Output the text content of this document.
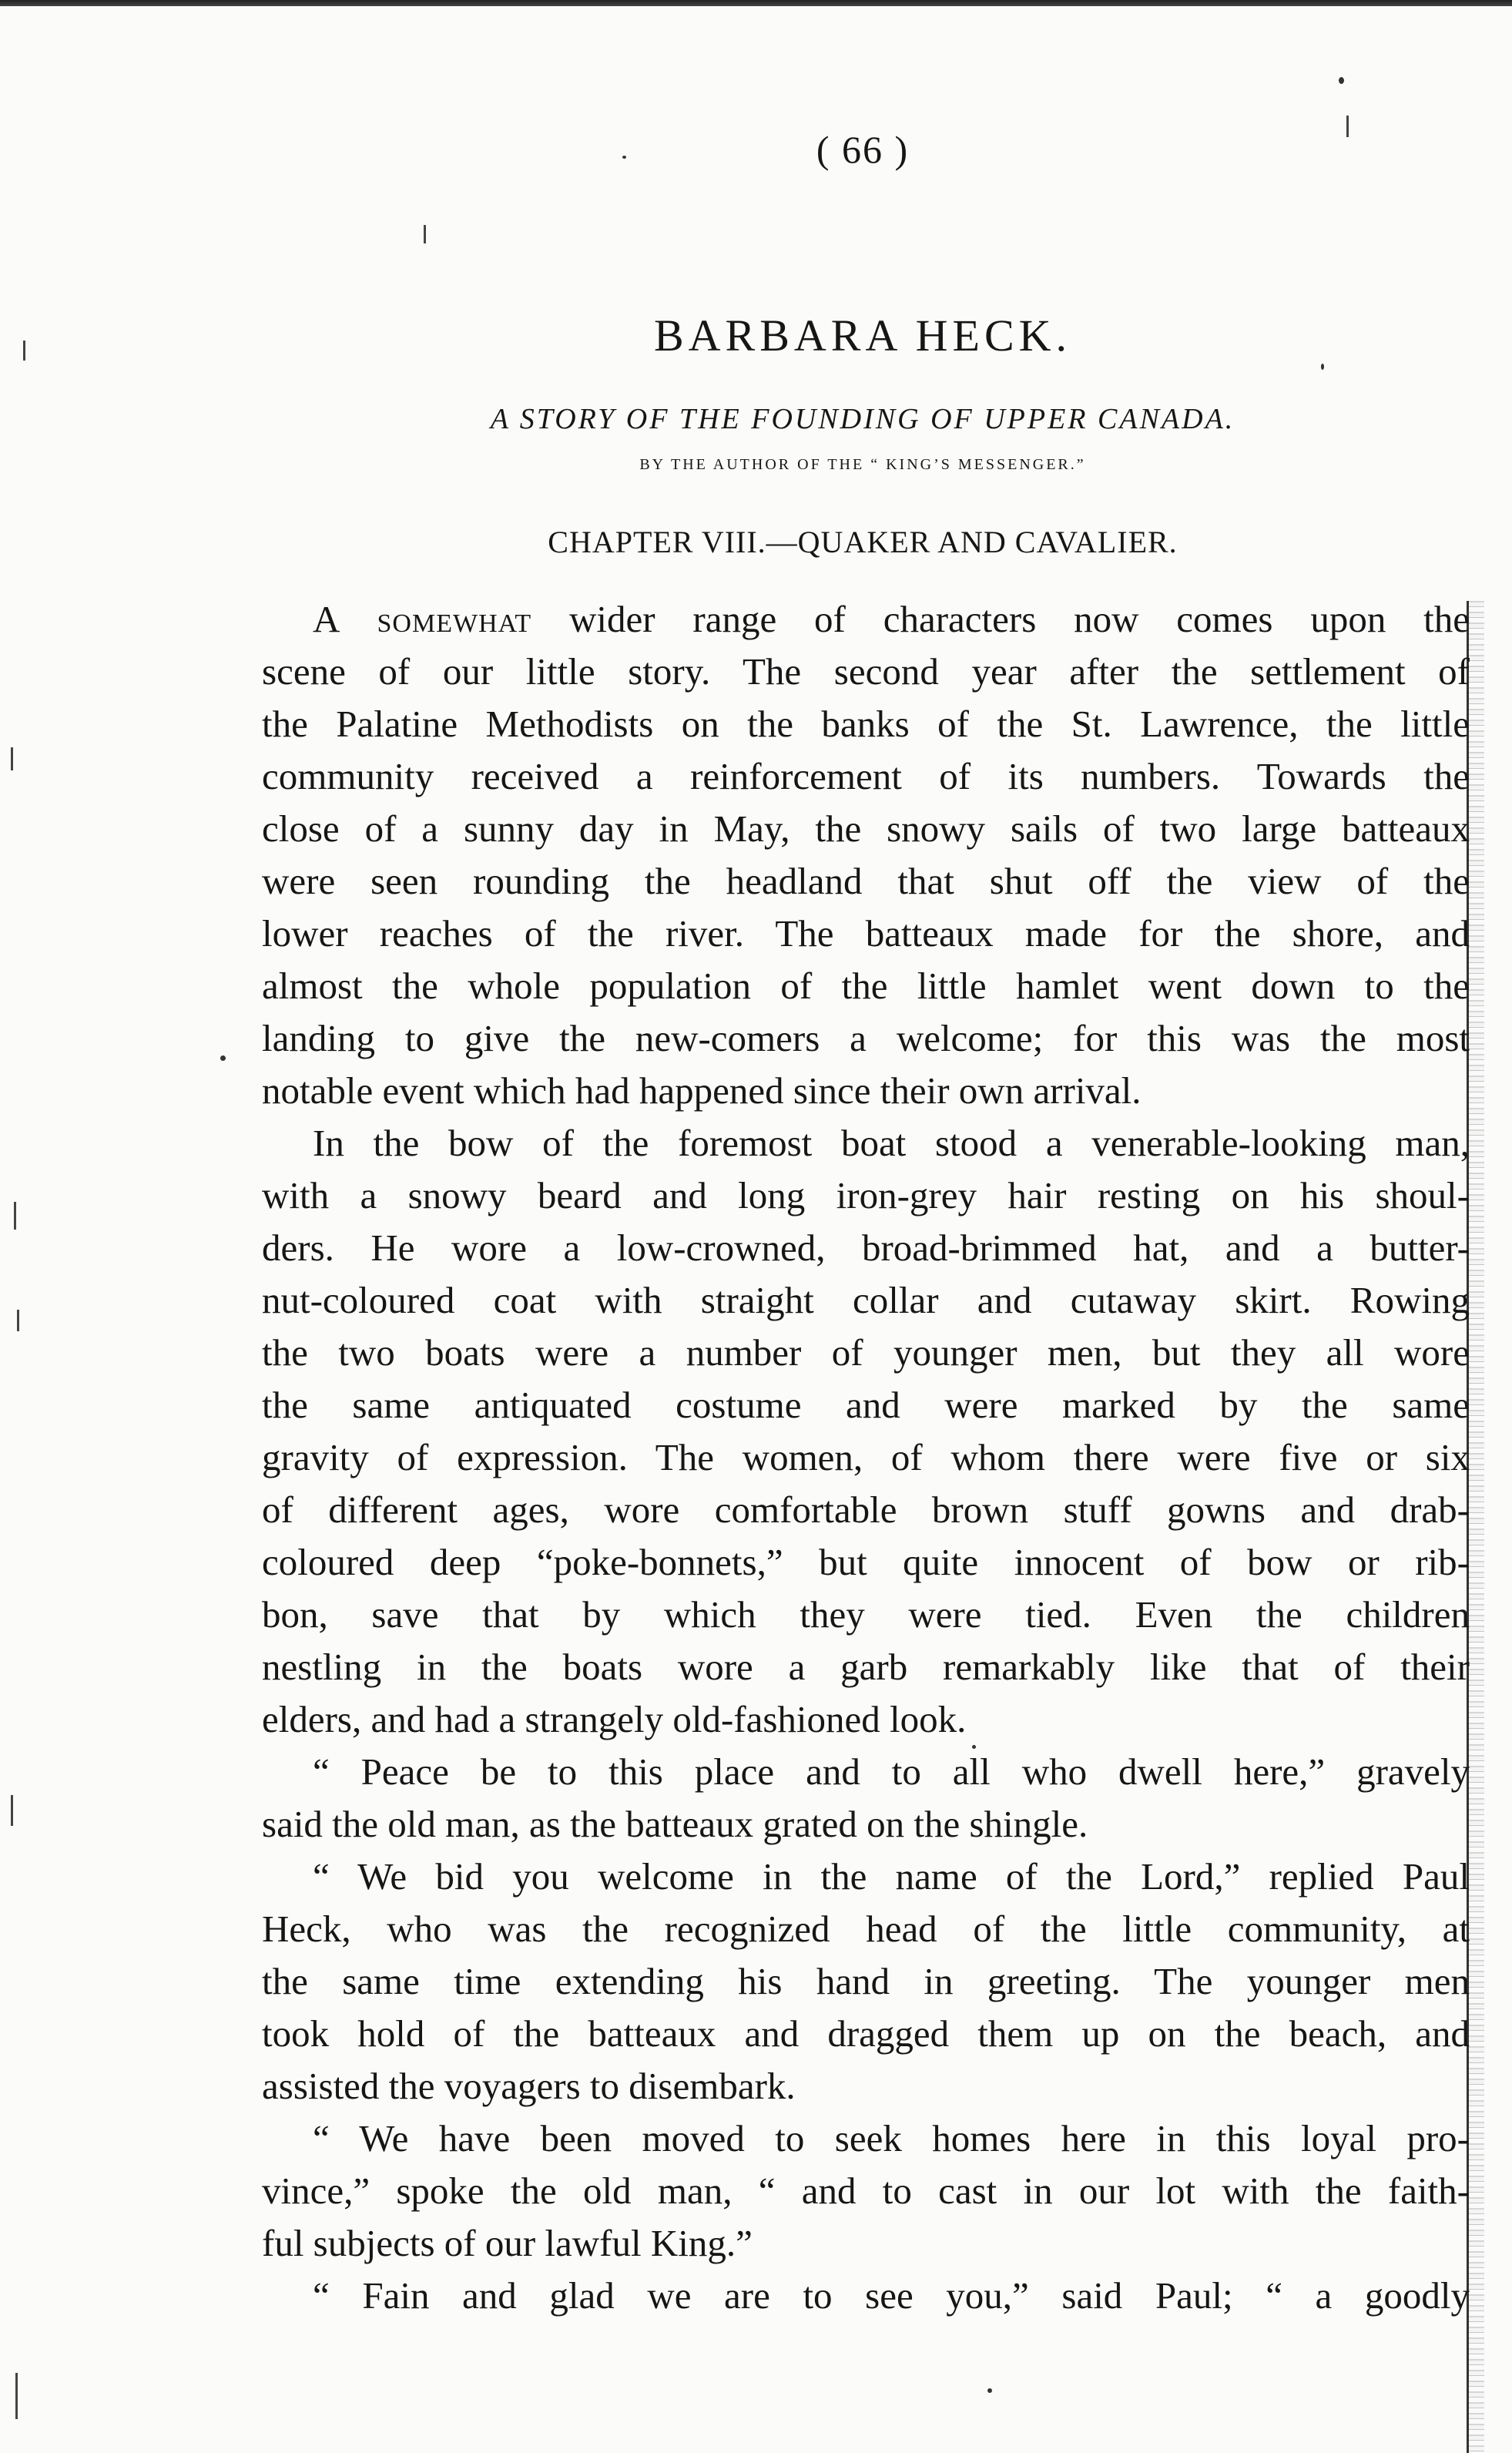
( 66 )
BARBARA HECK.
A STORY OF THE FOUNDING OF UPPER CANADA.
BY THE AUTHOR OF THE “ KING’S MESSENGER.”
CHAPTER VIII.—QUAKER AND CAVALIER.
A somewhat wider range of characters now comes upon the
scene of our little story. The second year after the settlement of
the Palatine Methodists on the banks of the St. Lawrence, the little
community received a reinforcement of its numbers. Towards the
close of a sunny day in May, the snowy sails of two large batteaux
were seen rounding the headland that shut off the view of the
lower reaches of the river. The batteaux made for the shore, and
almost the whole population of the little hamlet went down to the
landing to give the new-comers a welcome; for this was the most
notable event which had happened since their own arrival.
In the bow of the foremost boat stood a venerable-looking man,
with a snowy beard and long iron-grey hair resting on his shoul-
ders. He wore a low-crowned, broad-brimmed hat, and a butter-
nut-coloured coat with straight collar and cutaway skirt. Rowing
the two boats were a number of younger men, but they all wore
the same antiquated costume and were marked by the same
gravity of expression. The women, of whom there were five or six
of different ages, wore comfortable brown stuff gowns and drab-
coloured deep “poke-bonnets,” but quite innocent of bow or rib-
bon, save that by which they were tied. Even the children
nestling in the boats wore a garb remarkably like that of their
elders, and had a strangely old-fashioned look.
“ Peace be to this place and to all who dwell here,” gravely
said the old man, as the batteaux grated on the shingle.
“ We bid you welcome in the name of the Lord,” replied Paul
Heck, who was the recognized head of the little community, at
the same time extending his hand in greeting. The younger men
took hold of the batteaux and dragged them up on the beach, and
assisted the voyagers to disembark.
“ We have been moved to seek homes here in this loyal pro-
vince,” spoke the old man, “ and to cast in our lot with the faith-
ful subjects of our lawful King.”
“ Fain and glad we are to see you,” said Paul; “ a goodly
